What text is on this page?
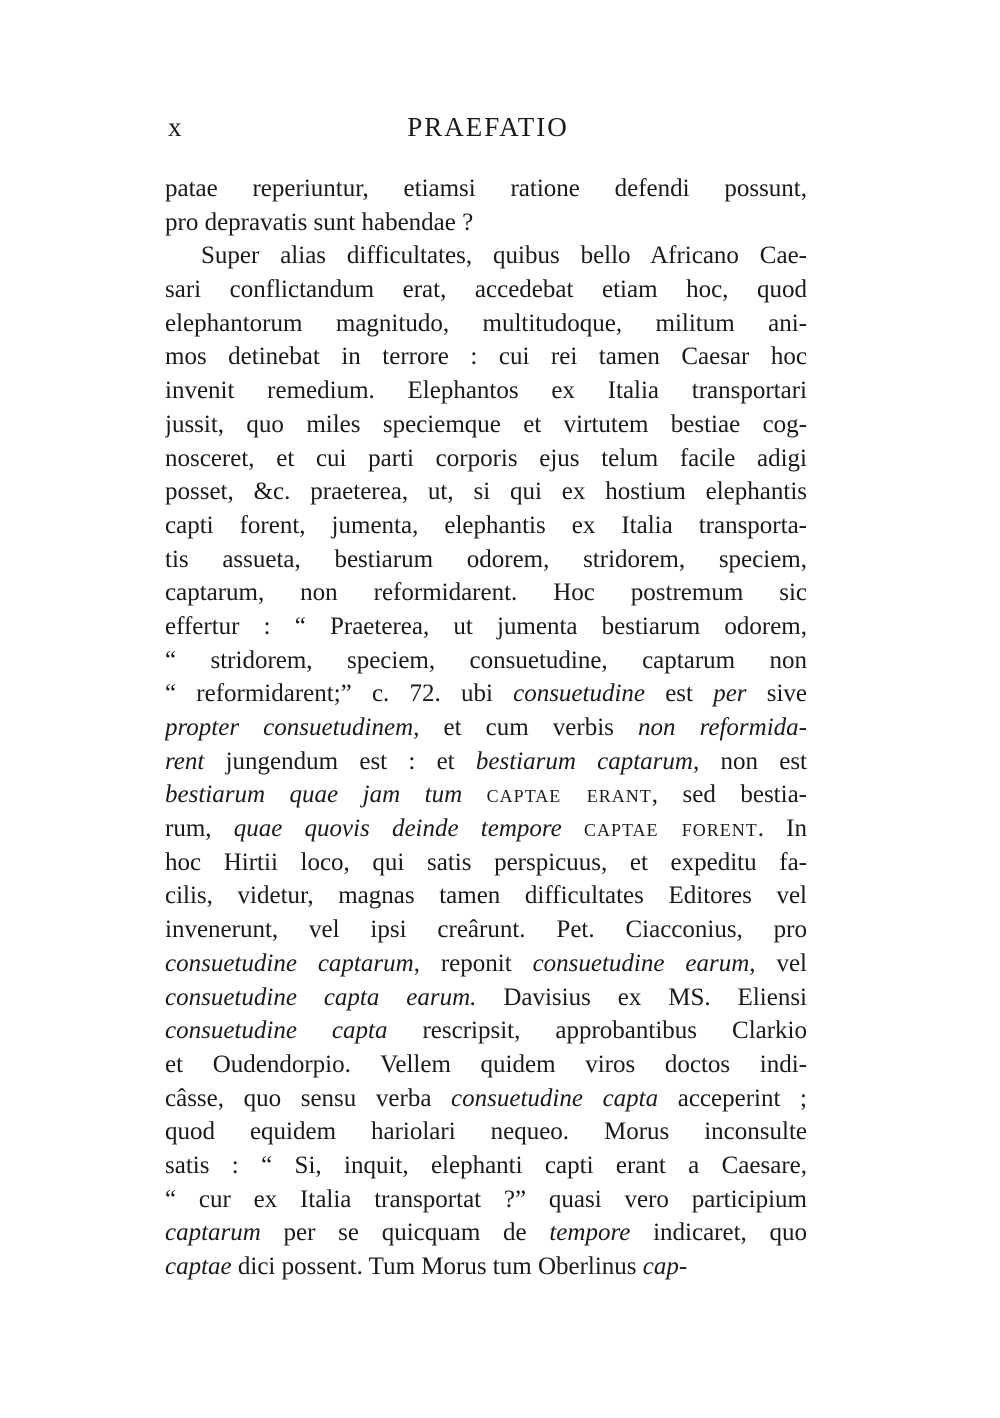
x	PRAEFATIO
patae reperiuntur, etiamsi ratione defendi possunt,
pro depravatis sunt habendae ?
Super alias difficultates, quibus bello Africano Cae-
sari conflictandum erat, accedebat etiam hoc, quod
elephantorum magnitudo, multitudoque, militum ani-
mos detinebat in terrore : cui rei tamen Caesar hoc
invenit remedium. Elephantos ex Italia transportari
jussit, quo miles speciemque et virtutem bestiae cog-
nosceret, et cui parti corporis ejus telum facile adigi
posset, &c. praeterea, ut, si qui ex hostium elephantis
capti forent, jumenta, elephantis ex Italia transporta-
tis assueta, bestiarum odorem, stridorem, speciem,
captarum, non reformidarent. Hoc postremum sic
effertur : “ Praeterea, ut jumenta bestiarum odorem,
“ stridorem, speciem, consuetudine, captarum non
“ reformidarent;” c. 72. ubi consuetudine est per sive
propter consuetudinem, et cum verbis non reformida-
rent jungendum est : et bestiarum captarum, non est
bestiarum quae jam tum captae erant, sed bestia-
rum, quae quovis deinde tempore captae forent. In
hoc Hirtii loco, qui satis perspicuus, et expeditu fa-
cilis, videtur, magnas tamen difficultates Editores vel
invenerunt, vel ipsi creârunt. Pet. Ciacconius, pro
consuetudine captarum, reponit consuetudine earum, vel
consuetudine capta earum. Davisius ex MS. Eliensi
consuetudine capta rescripsit, approbantibus Clarkio
et Oudendorpio. Vellem quidem viros doctos indi-
câsse, quo sensu verba consuetudine capta acceperint ;
quod equidem hariolari nequeo. Morus inconsulte
satis : “ Si, inquit, elephanti capti erant a Caesare,
“ cur ex Italia transportat ?” quasi vero participium
captarum per se quicquam de tempore indicaret, quo
captae dici possent. Tum Morus tum Oberlinus cap-
